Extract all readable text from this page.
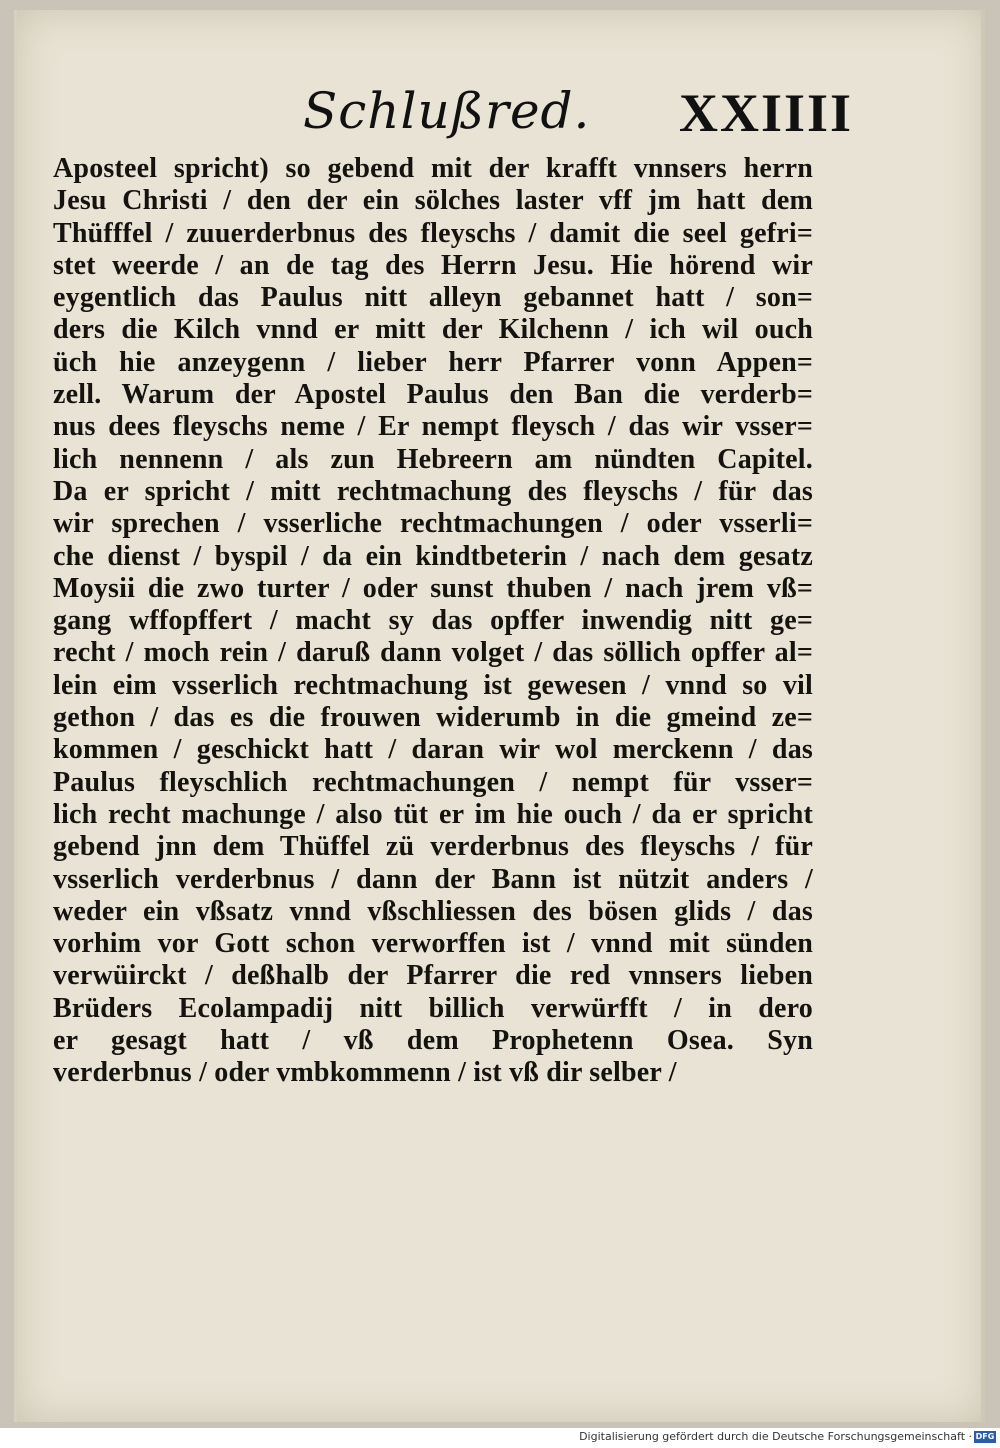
Schlußred. XXIIII
Aposteel spricht) so gebend mit der krafft vnnsers herrn
Jesu Christi / den der ein sölches laster vff jm hatt dem
Thüfffel / zuuerderbnus des fleyschs / damit die seel gefri=
stet weerde / an de tag des Herrn Jesu. Hie hörend wir
eygentlich das Paulus nitt alleyn gebannet hatt / son=
ders die Kilch vnnd er mitt der Kilchenn / ich wil ouch
üch hie anzeygenn / lieber herr Pfarrer vonn Appen=
zell. Warum der Apostel Paulus den Ban die verderb=
nus dees fleyschs neme / Er nempt fleysch / das wir vsser=
lich nennenn / als zun Hebreern am nündten Capitel.
Da er spricht / mitt rechtmachung des fleyschs / für das
wir sprechen / vsserliche rechtmachungen / oder vsserli=
che dienst / byspil / da ein kindtbeterin / nach dem gesatz
Moysii die zwo turter / oder sunst thuben / nach jrem vß=
gang wffopffert / macht sy das opffer inwendig nitt ge=
recht / moch rein / daruß dann volget / das söllich opffer al=
lein eim vsserlich rechtmachung ist gewesen / vnnd so vil
gethon / das es die frouwen widerumb in die gmeind ze=
kommen / geschickt hatt / daran wir wol merckenn / das
Paulus fleyschlich rechtmachungen / nempt für vsser=
lich recht machunge / also tüt er im hie ouch / da er spricht
gebend jnn dem Thüffel zü verderbnus des fleyschs / für
vsserlich verderbnus / dann der Bann ist nützit anders /
weder ein vßsatz vnnd vßschliessen des bösen glids / das
vorhim vor Gott schon verworffen ist / vnnd mit sünden
verwüirckt / deßhalb der Pfarrer die red vnnsers lieben
Brüders Ecolampadij nitt billich verwürfft / in dero
er gesagt hatt / vß dem Prophetenn Osea. Syn
verderbnus / oder vmbkommenn / ist vß dir selber /
Digitalisierung gefördert durch die Deutsche Forschungsgemeinschaft · DFG
